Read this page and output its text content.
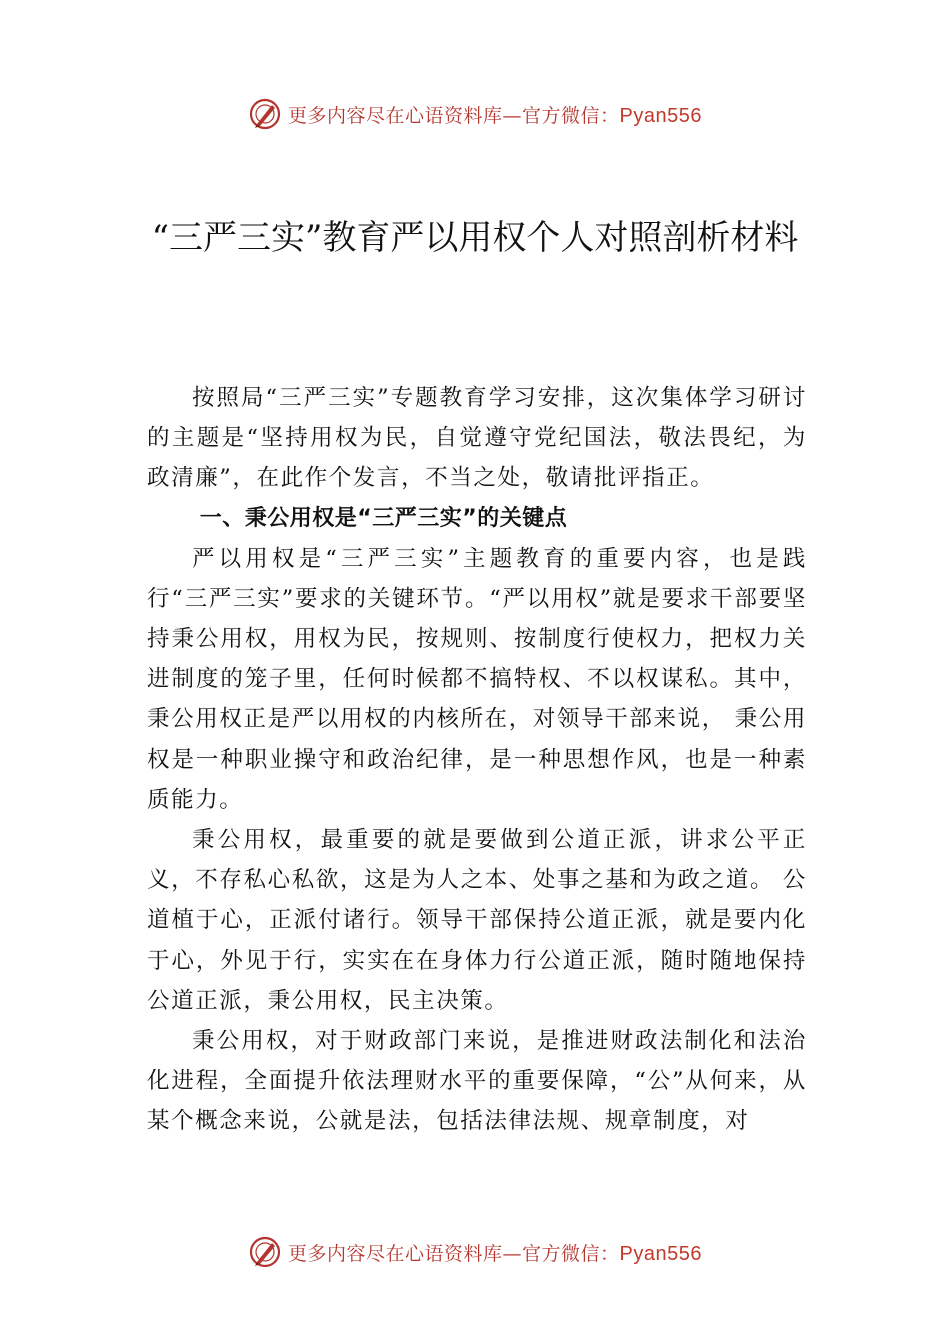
更多内容尽在心语资料库—官方微信：Pyan556
“三严三实”教育严以用权个人对照剖析材料

按照局“三严三实”专题教育学习安排，这次集体学习研讨的主题是“坚持用权为民，自觉遵守党纪国法，敬法畏纪，为政清廉”，在此作个发言，不当之处，敬请批评指正。

一、秉公用权是“三严三实”的关键点

严以用权是“三严三实”主题教育的重要内容，也是践行“三严三实”要求的关键环节。“严以用权”就是要求干部要坚持秉公用权，用权为民，按规则、按制度行使权力，把权力关进制度的笼子里，任何时候都不搞特权、不以权谋私。其中，秉公用权正是严以用权的内核所在，对领导干部来说， 秉公用权是一种职业操守和政治纪律，是一种思想作风，也是一种素质能力。

秉公用权，最重要的就是要做到公道正派，讲求公平正义，不存私心私欲，这是为人之本、处事之基和为政之道。 公道植于心，正派付诸行。领导干部保持公道正派，就是要内化于心，外见于行，实实在在身体力行公道正派，随时随地保持公道正派，秉公用权，民主决策。

秉公用权，对于财政部门来说，是推进财政法制化和法治化进程，全面提升依法理财水平的重要保障，“公”从何来，从某个概念来说，公就是法，包括法律法规、规章制度，对

更多内容尽在心语资料库—官方微信：Pyan556
